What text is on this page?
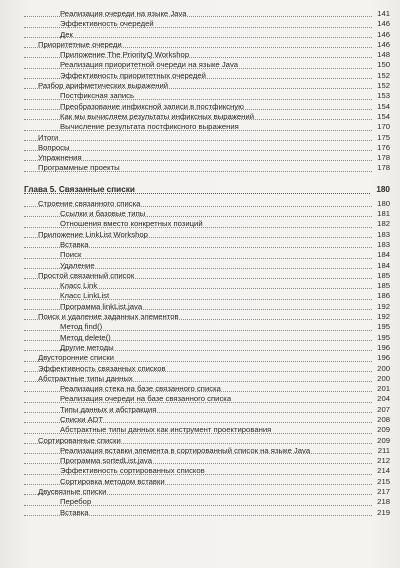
Реализация очереди на языке Java	141
Эффективность очередей	146
Дек	146
Приоритетные очереди	146
Приложение The PriorityQ Workshop	148
Реализация приоритетной очереди на языке Java	150
Эффективность приоритетных очередей	152
Разбор арифметических выражений	152
Постфиксная запись	153
Преобразование инфиксной записи в постфиксную	154
Как мы вычисляем результаты инфиксных выражений	154
Вычисление результата постфиксного выражения	170
Итоги	175
Вопросы	176
Упражнения	178
Программные проекты	178
Глава 5. Связанные списки	180
Строение связанного списка	180
Ссылки и базовые типы	181
Отношения вместо конкретных позиций	182
Приложение LinkList Workshop	183
Вставка	183
Поиск	184
Удаление	184
Простой связанный список	185
Класс Link	185
Класс LinkList	186
Программа linkList.java	192
Поиск и удаление заданных элементов	192
Метод find()	195
Метод delete()	195
Другие методы	196
Двусторонние списки	196
Эффективность связанных списков	200
Абстрактные типы данных	200
Реализация стека на базе связанного списка	201
Реализация очереди на базе связанного списка	204
Типы данных и абстракция	207
Списки ADT	208
Абстрактные типы данных как инструмент проектирования	209
Сортированные списки	209
Реализация вставки элемента в сортированный список на языке Java	211
Программа sortedList.java	212
Эффективность сортированных списков	214
Сортировка методом вставки	215
Двусвязные списки	217
Перебор	218
Вставка	219
